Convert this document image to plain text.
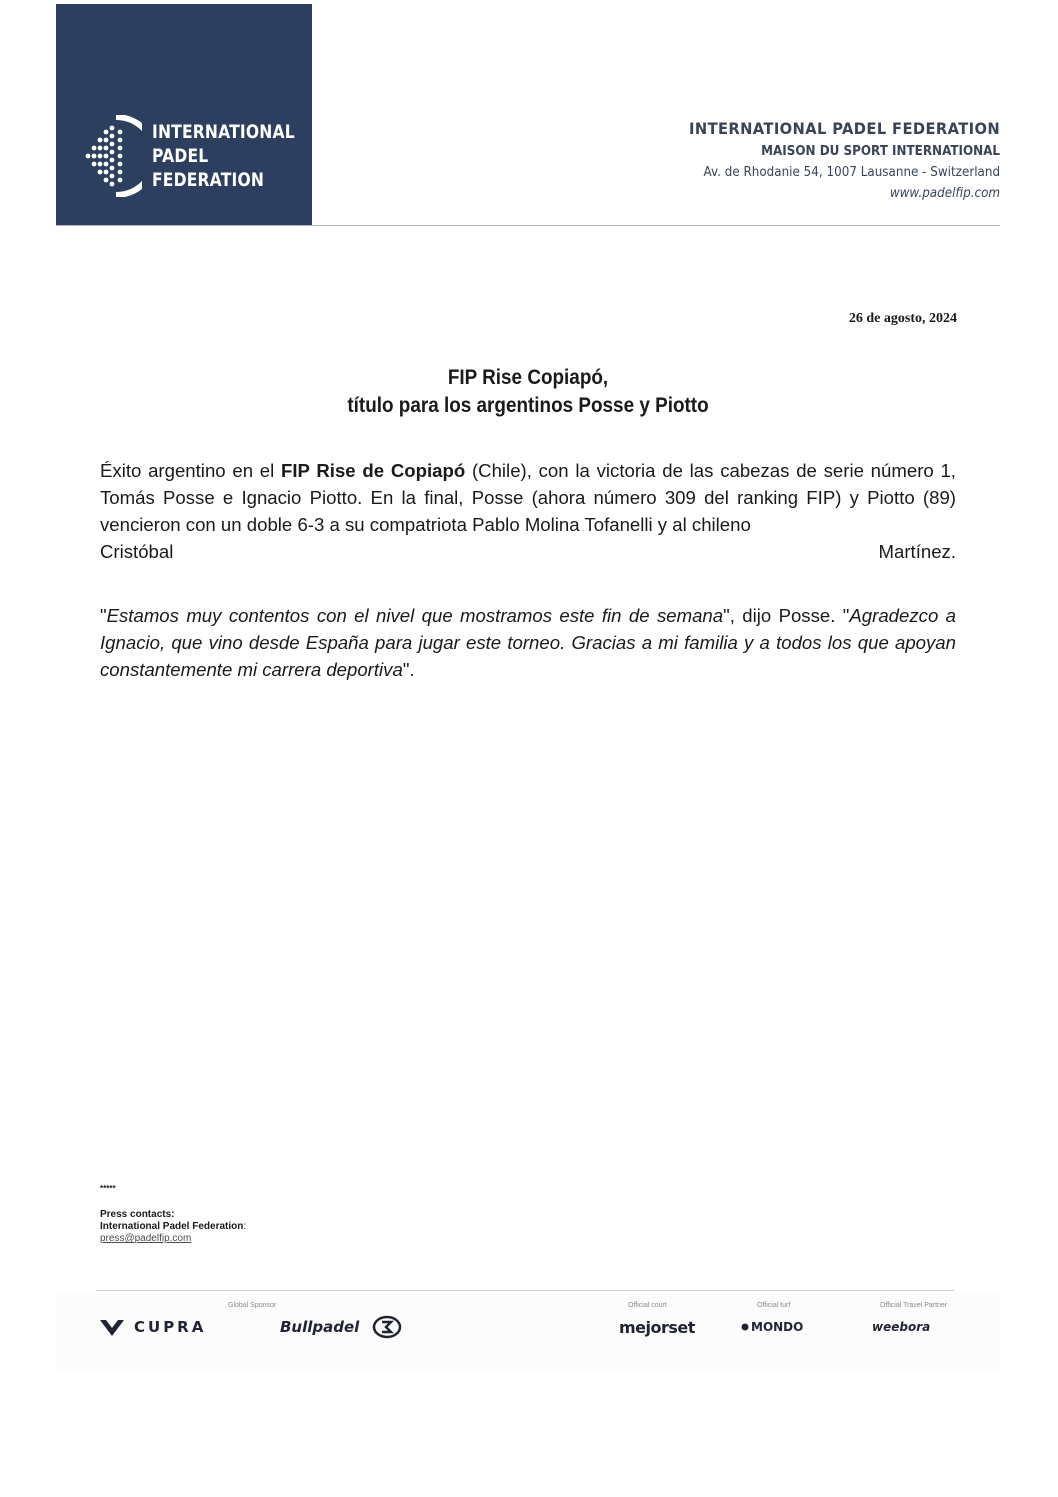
INTERNATIONAL
PADEL
FEDERATION
INTERNATIONAL PADEL FEDERATION
MAISON DU SPORT INTERNATIONAL
Av. de Rhodanie 54, 1007 Lausanne - Switzerland
www.padelfip.com
26 de agosto, 2024
FIP Rise Copiapó,
título para los argentinos Posse y Piotto
Éxito argentino en el FIP Rise de Copiapó (Chile), con la victoria de las cabezas de serie número 1, Tomás Posse e Ignacio Piotto. En la final, Posse (ahora número 309 del ranking FIP) y Piotto (89) vencieron con un doble 6-3 a su compatriota Pablo Molina Tofanelli y al chileno
Cristóbal	Martínez.
"Estamos muy contentos con el nivel que mostramos este fin de semana", dijo Posse. "Agradezco a Ignacio, que vino desde España para jugar este torneo. Gracias a mi familia y a todos los que apoyan constantemente mi carrera deportiva".
*****
Press contacts:
International Padel Federation:
press@padelfip.com
Global Sponsor	Official court	Official turf	Official Travel Partner
CUPRA	Bullpadel	mejorset	MONDO	weebora
